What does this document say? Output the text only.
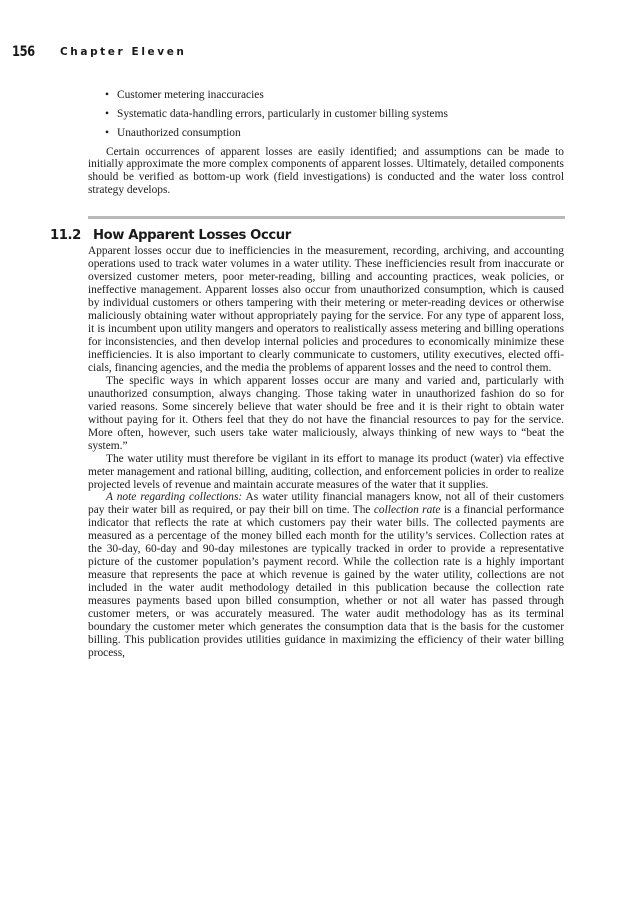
156 Chapter Eleven
• Customer metering inaccuracies
• Systematic data-handling errors, particularly in customer billing systems
• Unauthorized consumption

Certain occurrences of apparent losses are easily identified; and assumptions can be made to initially approximate the more complex components of apparent losses. Ultimately, detailed components should be verified as bottom-up work (field investigations) is conducted and the water loss control strategy develops.

11.2 How Apparent Losses Occur

Apparent losses occur due to inefficiencies in the measurement, recording, archiving, and accounting operations used to track water volumes in a water utility. These inefficiencies result from inaccurate or oversized customer meters, poor meter-reading, billing and accounting practices, weak policies, or ineffective management. Apparent losses also occur from unauthorized consumption, which is caused by individual customers or others tampering with their metering or meter-reading devices or otherwise maliciously obtaining water without appropriately paying for the service. For any type of apparent loss, it is incumbent upon utility mangers and operators to realistically assess metering and billing operations for inconsistencies, and then develop internal policies and procedures to economically minimize these inefficiencies. It is also important to clearly communicate to customers, utility executives, elected officials, financing agencies, and the media the problems of apparent losses and the need to control them.

The specific ways in which apparent losses occur are many and varied and, particularly with unauthorized consumption, always changing. Those taking water in unauthorized fashion do so for varied reasons. Some sincerely believe that water should be free and it is their right to obtain water without paying for it. Others feel that they do not have the financial resources to pay for the service. More often, however, such users take water maliciously, always thinking of new ways to “beat the system.”

The water utility must therefore be vigilant in its effort to manage its product (water) via effective meter management and rational billing, auditing, collection, and enforcement policies in order to realize projected levels of revenue and maintain accurate measures of the water that it supplies.

A note regarding collections: As water utility financial managers know, not all of their customers pay their water bill as required, or pay their bill on time. The collection rate is a financial performance indicator that reflects the rate at which customers pay their water bills. The collected payments are measured as a percentage of the money billed each month for the utility’s services. Collection rates at the 30-day, 60-day and 90-day milestones are typically tracked in order to provide a representative picture of the customer population’s payment record. While the collection rate is a highly important measure that represents the pace at which revenue is gained by the water utility, collections are not included in the water audit methodology detailed in this publication because the collection rate measures payments based upon billed consumption, whether or not all water has passed through customer meters, or was accurately measured. The water audit methodology has as its terminal boundary the customer meter which generates the consumption data that is the basis for the customer billing. This publication provides utilities guidance in maximizing the efficiency of their water billing process,
